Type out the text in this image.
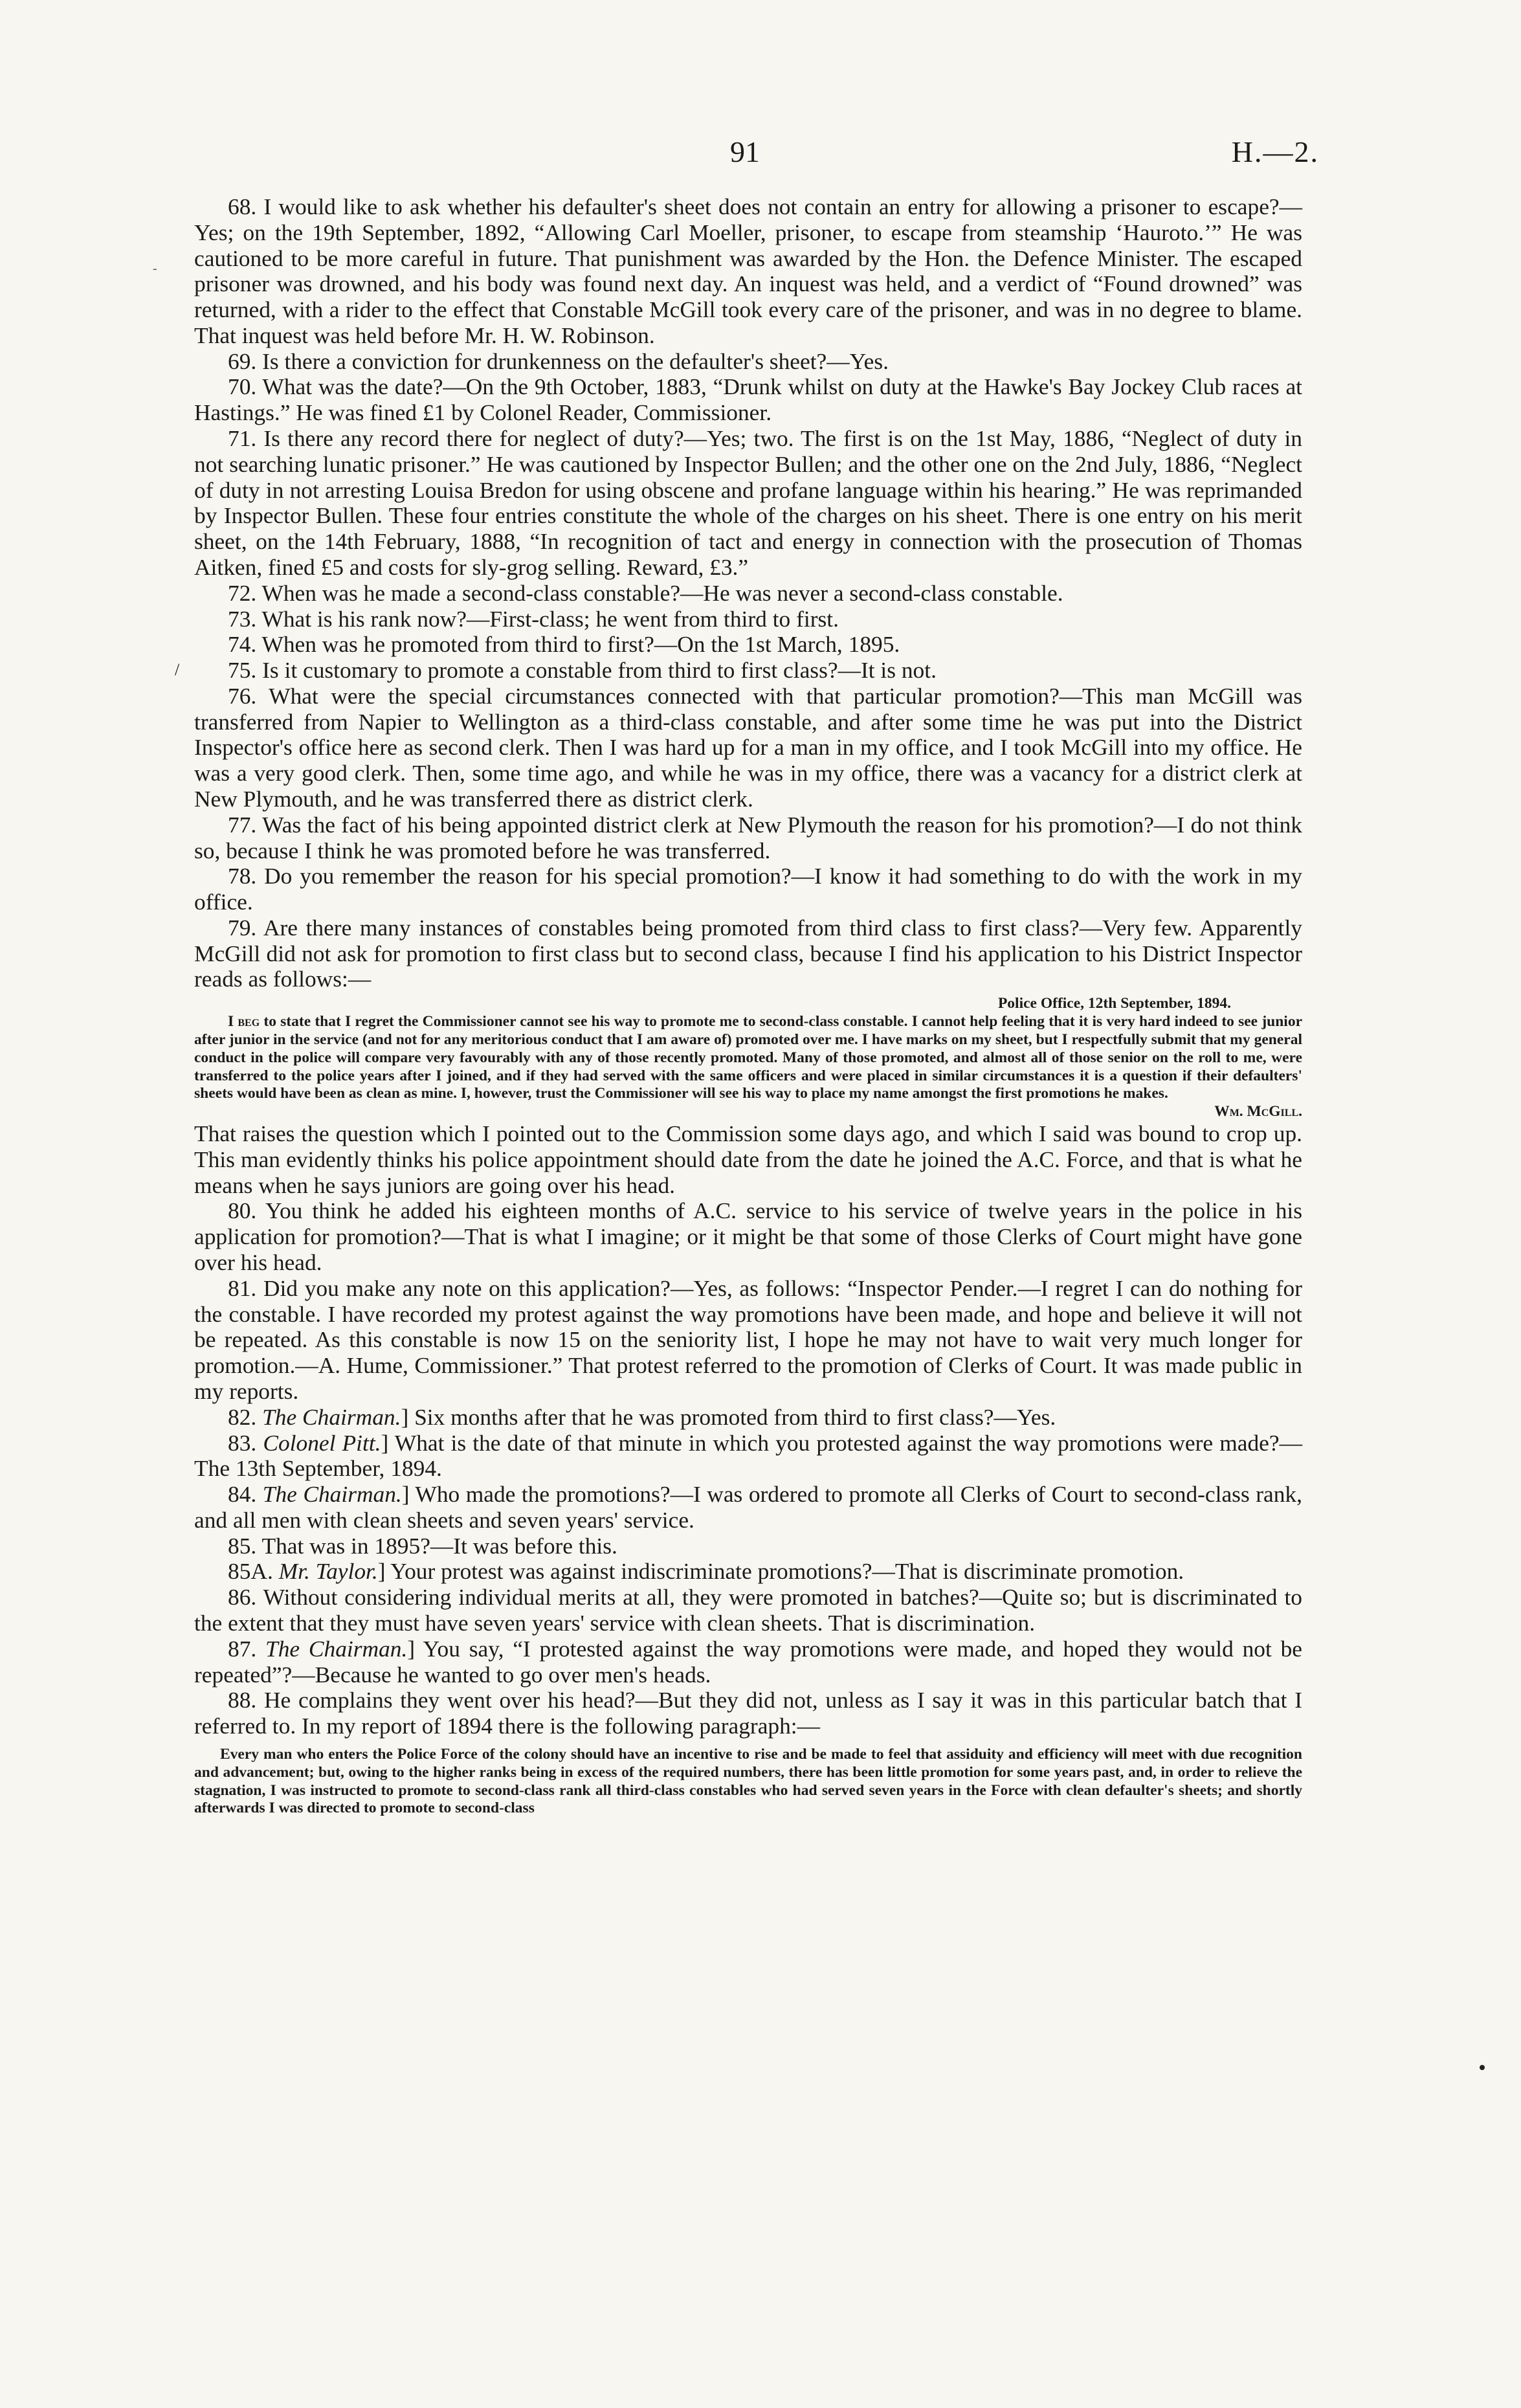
91	H.—2.
-
/

68. I would like to ask whether his defaulter's sheet does not contain an entry for allowing a prisoner to escape?—Yes; on the 19th September, 1892, “Allowing Carl Moeller, prisoner, to escape from steamship ‘Hauroto.’” He was cautioned to be more careful in future. That punishment was awarded by the Hon. the Defence Minister. The escaped prisoner was drowned, and his body was found next day. An inquest was held, and a verdict of “Found drowned” was returned, with a rider to the effect that Constable McGill took every care of the prisoner, and was in no degree to blame. That inquest was held before Mr. H. W. Robinson.

69. Is there a conviction for drunkenness on the defaulter's sheet?—Yes.

70. What was the date?—On the 9th October, 1883, “Drunk whilst on duty at the Hawke's Bay Jockey Club races at Hastings.” He was fined £1 by Colonel Reader, Commissioner.

71. Is there any record there for neglect of duty?—Yes; two. The first is on the 1st May, 1886, “Neglect of duty in not searching lunatic prisoner.” He was cautioned by Inspector Bullen; and the other one on the 2nd July, 1886, “Neglect of duty in not arresting Louisa Bredon for using obscene and profane language within his hearing.” He was reprimanded by Inspector Bullen. These four entries constitute the whole of the charges on his sheet. There is one entry on his merit sheet, on the 14th February, 1888, “In recognition of tact and energy in connection with the prosecution of Thomas Aitken, fined £5 and costs for sly-grog selling. Reward, £3.”

72. When was he made a second-class constable?—He was never a second-class constable.

73. What is his rank now?—First-class; he went from third to first.

74. When was he promoted from third to first?—On the 1st March, 1895.

75. Is it customary to promote a constable from third to first class?—It is not.

76. What were the special circumstances connected with that particular promotion?—This man McGill was transferred from Napier to Wellington as a third-class constable, and after some time he was put into the District Inspector's office here as second clerk. Then I was hard up for a man in my office, and I took McGill into my office. He was a very good clerk. Then, some time ago, and while he was in my office, there was a vacancy for a district clerk at New Plymouth, and he was transferred there as district clerk.

77. Was the fact of his being appointed district clerk at New Plymouth the reason for his promotion?—I do not think so, because I think he was promoted before he was transferred.

78. Do you remember the reason for his special promotion?—I know it had something to do with the work in my office.

79. Are there many instances of constables being promoted from third class to first class?—Very few. Apparently McGill did not ask for promotion to first class but to second class, because I find his application to his District Inspector reads as follows:—

Police Office, 12th September, 1894.

I beg to state that I regret the Commissioner cannot see his way to promote me to second-class constable. I cannot help feeling that it is very hard indeed to see junior after junior in the service (and not for any meritorious conduct that I am aware of) promoted over me. I have marks on my sheet, but I respectfully submit that my general conduct in the police will compare very favourably with any of those recently promoted. Many of those promoted, and almost all of those senior on the roll to me, were transferred to the police years after I joined, and if they had served with the same officers and were placed in similar circumstances it is a question if their defaulters' sheets would have been as clean as mine. I, however, trust the Commissioner will see his way to place my name amongst the first promotions he makes.

Wm. McGill.

That raises the question which I pointed out to the Commission some days ago, and which I said was bound to crop up. This man evidently thinks his police appointment should date from the date he joined the A.C. Force, and that is what he means when he says juniors are going over his head.

80. You think he added his eighteen months of A.C. service to his service of twelve years in the police in his application for promotion?—That is what I imagine; or it might be that some of those Clerks of Court might have gone over his head.

81. Did you make any note on this application?—Yes, as follows: “Inspector Pender.—I regret I can do nothing for the constable. I have recorded my protest against the way promotions have been made, and hope and believe it will not be repeated. As this constable is now 15 on the seniority list, I hope he may not have to wait very much longer for promotion.—A. Hume, Commissioner.” That protest referred to the promotion of Clerks of Court. It was made public in my reports.

82. The Chairman.] Six months after that he was promoted from third to first class?—Yes.

83. Colonel Pitt.] What is the date of that minute in which you protested against the way promotions were made?—The 13th September, 1894.

84. The Chairman.] Who made the promotions?—I was ordered to promote all Clerks of Court to second-class rank, and all men with clean sheets and seven years' service.

85. That was in 1895?—It was before this.

85A. Mr. Taylor.] Your protest was against indiscriminate promotions?—That is discriminate promotion.

86. Without considering individual merits at all, they were promoted in batches?—Quite so; but is discriminated to the extent that they must have seven years' service with clean sheets. That is discrimination.

87. The Chairman.] You say, “I protested against the way promotions were made, and hoped they would not be repeated”?—Because he wanted to go over men's heads.

88. He complains they went over his head?—But they did not, unless as I say it was in this particular batch that I referred to. In my report of 1894 there is the following paragraph:—

Every man who enters the Police Force of the colony should have an incentive to rise and be made to feel that assiduity and efficiency will meet with due recognition and advancement; but, owing to the higher ranks being in excess of the required numbers, there has been little promotion for some years past, and, in order to relieve the stagnation, I was instructed to promote to second-class rank all third-class constables who had served seven years in the Force with clean defaulter's sheets; and shortly afterwards I was directed to promote to second-class
